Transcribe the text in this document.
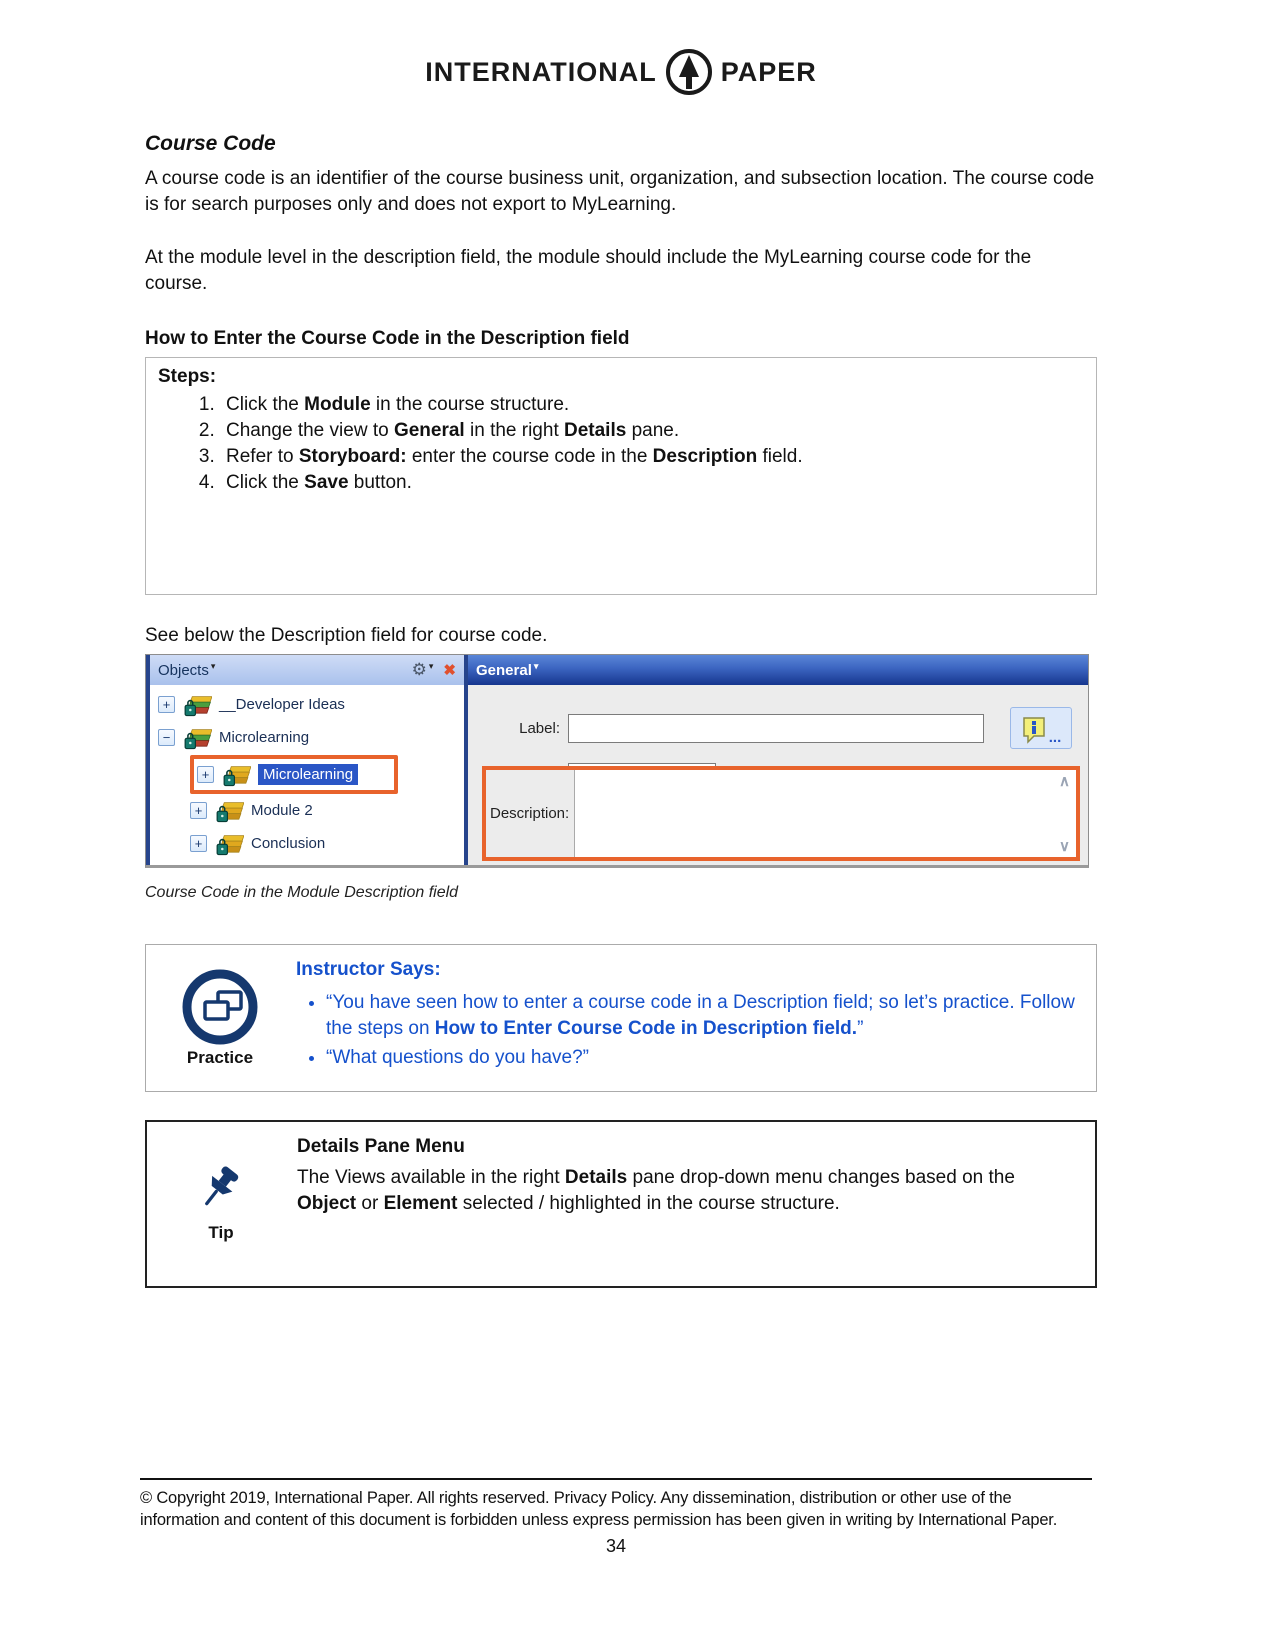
INTERNATIONAL PAPER
Course Code

A course code is an identifier of the course business unit, organization, and subsection location. The course code is for search purposes only and does not export to MyLearning.

At the module level in the description field, the module should include the MyLearning course code for the course.

How to Enter the Course Code in the Description field
Steps:
1. Click the Module in the course structure.
2. Change the view to General in the right Details pane.
3. Refer to Storyboard: enter the course code in the Description field.
4. Click the Save button.

See below the Description field for course code.

Objects ▾	⚙ ▾ ✖
+	__Developer Ideas
−	Microlearning
+	Microlearning
+	Module 2
+	Conclusion
General ▾
Label:
...
Description:
∧
∨

Course Code in the Module Description field

Practice
Instructor Says:
• “You have seen how to enter a course code in a Description field; so let’s practice. Follow the steps on How to Enter Course Code in Description field.”
• “What questions do you have?”
Tip
Details Pane Menu

The Views available in the right Details pane drop-down menu changes based on the Object or Element selected / highlighted in the course structure.

© Copyright 2019, International Paper. All rights reserved. Privacy Policy. Any dissemination, distribution or other use of the information and content of this document is forbidden unless express permission has been given in writing by International Paper.

34
